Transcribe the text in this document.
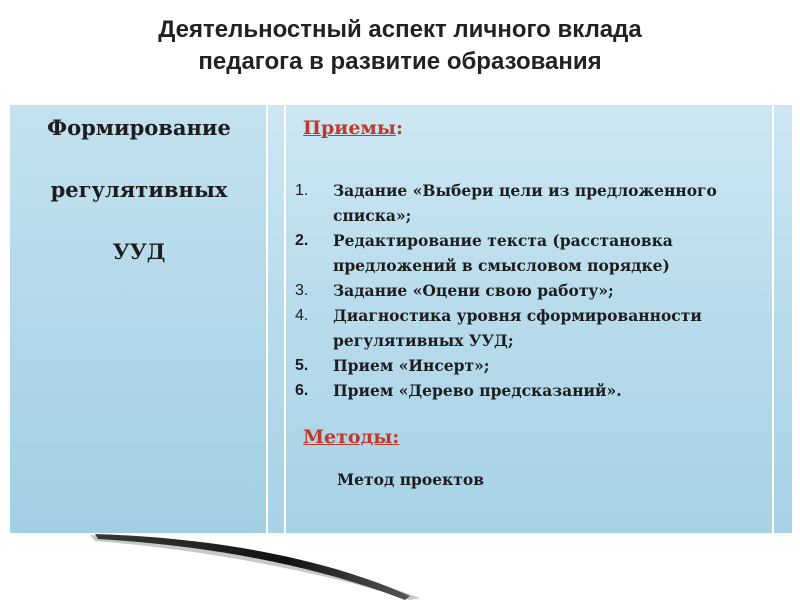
Деятельностный аспект личного вклада
педагога в развитие образования
Формирование
регулятивных
УУД
Приемы:
1.	Задание «Выбери цели из предложенного списка»;
2.	Редактирование текста (расстановка предложений в смысловом порядке)
3.	Задание «Оцени свою работу»;
4.	Диагностика уровня сформированности регулятивных УУД;
5.	Прием «Инсерт»;
6.	Прием «Дерево предсказаний».
Методы:
Метод проектов
